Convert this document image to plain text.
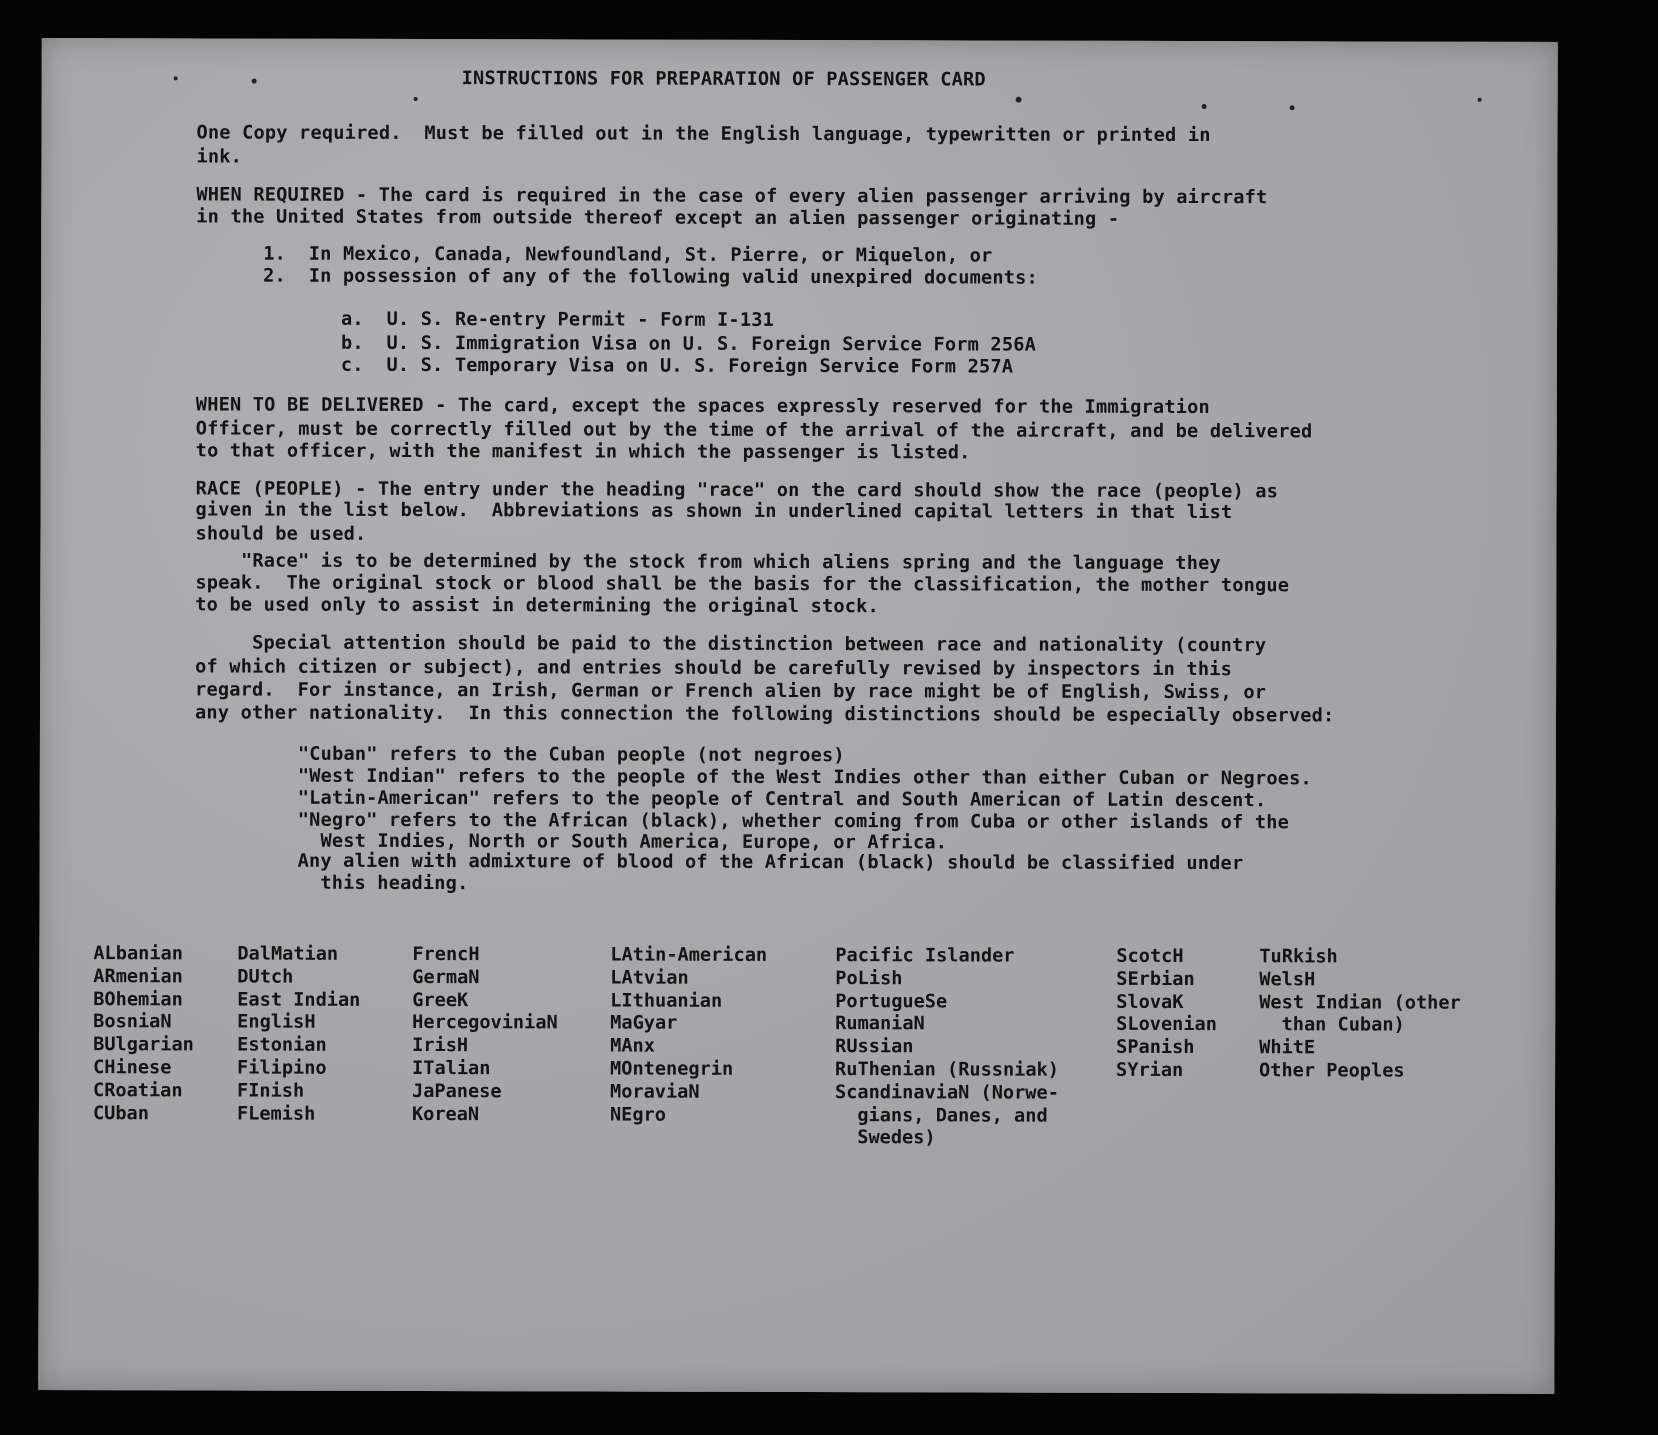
INSTRUCTIONS FOR PREPARATION OF PASSENGER CARD
One Copy required.  Must be filled out in the English language, typewritten or printed in
ink.
WHEN REQUIRED - The card is required in the case of every alien passenger arriving by aircraft
in the United States from outside thereof except an alien passenger originating -
1.  In Mexico, Canada, Newfoundland, St. Pierre, or Miquelon, or
2.  In possession of any of the following valid unexpired documents:
a.  U. S. Re-entry Permit - Form I-131
b.  U. S. Immigration Visa on U. S. Foreign Service Form 256A
c.  U. S. Temporary Visa on U. S. Foreign Service Form 257A
WHEN TO BE DELIVERED - The card, except the spaces expressly reserved for the Immigration
Officer, must be correctly filled out by the time of the arrival of the aircraft, and be delivered
to that officer, with the manifest in which the passenger is listed.
RACE (PEOPLE) - The entry under the heading "race" on the card should show the race (people) as
given in the list below.  Abbreviations as shown in underlined capital letters in that list
should be used.
"Race" is to be determined by the stock from which aliens spring and the language they
speak.  The original stock or blood shall be the basis for the classification, the mother tongue
to be used only to assist in determining the original stock.
Special attention should be paid to the distinction between race and nationality (country
of which citizen or subject), and entries should be carefully revised by inspectors in this
regard.  For instance, an Irish, German or French alien by race might be of English, Swiss, or
any other nationality.  In this connection the following distinctions should be especially observed:
"Cuban" refers to the Cuban people (not negroes)
"West Indian" refers to the people of the West Indies other than either Cuban or Negroes.
"Latin-American" refers to the people of Central and South American of Latin descent.
"Negro" refers to the African (black), whether coming from Cuba or other islands of the
West Indies, North or South America, Europe, or Africa.
Any alien with admixture of blood of the African (black) should be classified under
this heading.
ALbanian
ARmenian
BOhemian
BosniaN
BUlgarian
CHinese
CRoatian
CUban
DalMatian
DUtch
East Indian
EnglisH
Estonian
Filipino
FInish
FLemish
FrencH
GermaN
GreeK
HercegoviniaN
IrisH
ITalian
JaPanese
KoreaN
LAtin-American
LAtvian
LIthuanian
MaGyar
MAnx
MOntenegrin
MoraviaN
NEgro
Pacific Islander
PoLish
PortugueSe
RumaniaN
RUssian
RuThenian (Russniak)
ScandinaviaN (Norwe-
gians, Danes, and
Swedes)
ScotcH
SErbian
SlovaK
SLovenian
SPanish
SYrian
TuRkish
WelsH
West Indian (other
than Cuban)
WhitE
Other Peoples
